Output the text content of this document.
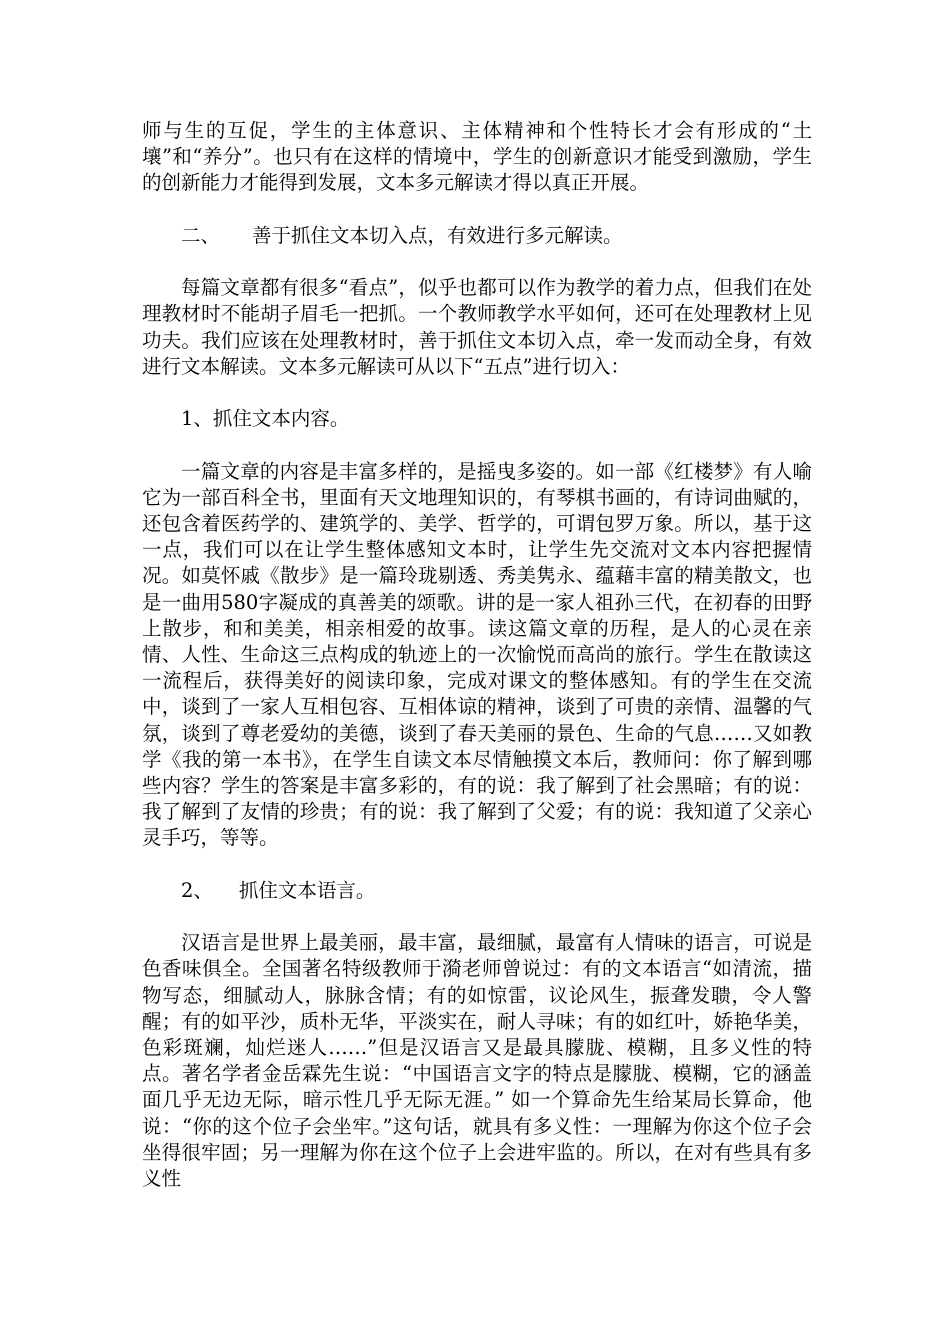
师与生的互促，学生的主体意识、主体精神和个性特长才会有形成的“土壤”和“养分”。也只有在这样的情境中，学生的创新意识才能受到激励，学生的创新能力才能得到发展，文本多元解读才得以真正开展。

二、 善于抓住文本切入点，有效进行多元解读。

每篇文章都有很多“看点”，似乎也都可以作为教学的着力点，但我们在处理教材时不能胡子眉毛一把抓。一个教师教学水平如何，还可在处理教材上见功夫。我们应该在处理教材时，善于抓住文本切入点，牵一发而动全身，有效进行文本解读。文本多元解读可从以下“五点”进行切入：

1、抓住文本内容。

一篇文章的内容是丰富多样的，是摇曳多姿的。如一部《红楼梦》有人喻它为一部百科全书，里面有天文地理知识的，有琴棋书画的，有诗词曲赋的，还包含着医药学的、建筑学的、美学、哲学的，可谓包罗万象。所以，基于这一点，我们可以在让学生整体感知文本时，让学生先交流对文本内容把握情况。如莫怀戚《散步》是一篇玲珑剔透、秀美隽永、蕴藉丰富的精美散文，也是一曲用580字凝成的真善美的颂歌。讲的是一家人祖孙三代，在初春的田野上散步，和和美美，相亲相爱的故事。读这篇文章的历程，是人的心灵在亲情、人性、生命这三点构成的轨迹上的一次愉悦而高尚的旅行。学生在散读这一流程后，获得美好的阅读印象，完成对课文的整体感知。有的学生在交流中，谈到了一家人互相包容、互相体谅的精神，谈到了可贵的亲情、温馨的气氛，谈到了尊老爱幼的美德，谈到了春天美丽的景色、生命的气息……又如教学《我的第一本书》，在学生自读文本尽情触摸文本后，教师问：你了解到哪些内容？学生的答案是丰富多彩的，有的说：我了解到了社会黑暗；有的说：我了解到了友情的珍贵；有的说：我了解到了父爱；有的说：我知道了父亲心灵手巧，等等。

2、 抓住文本语言。

汉语言是世界上最美丽，最丰富，最细腻，最富有人情味的语言，可说是色香味俱全。全国著名特级教师于漪老师曾说过：有的文本语言“如清流，描物写态，细腻动人，脉脉含情；有的如惊雷，议论风生，振聋发聩，令人警醒；有的如平沙，质朴无华，平淡实在，耐人寻味；有的如红叶，娇艳华美，色彩斑斓，灿烂迷人……”但是汉语言又是最具朦胧、模糊，且多义性的特点。著名学者金岳霖先生说：“中国语言文字的特点是朦胧、模糊，它的涵盖面几乎无边无际，暗示性几乎无际无涯。” 如一个算命先生给某局长算命，他说：“你的这个位子会坐牢。”这句话，就具有多义性：一理解为你这个位子会坐得很牢固；另一理解为你在这个位子上会进牢监的。所以，在对有些具有多义性
